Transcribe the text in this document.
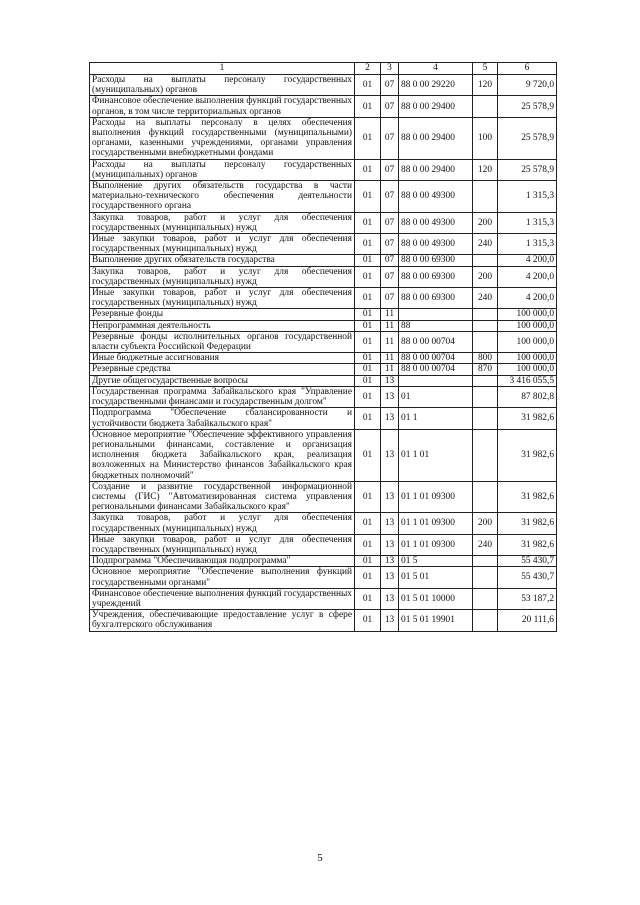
1	2	3	4	5	6
Расходы на выплаты персоналу государственных (муниципальных) органов	01	07	88 0 00 29220	120	9 720,0
Финансовое обеспечение выполнения функций государственных органов, в том числе территориальных органов	01	07	88 0 00 29400		25 578,9
Расходы на выплаты персоналу в целях обеспечения выполнения функций государственными (муниципальными) органами, казенными учреждениями, органами управления государственными внебюджетными фондами	01	07	88 0 00 29400	100	25 578,9
Расходы на выплаты персоналу государственных (муниципальных) органов	01	07	88 0 00 29400	120	25 578,9
Выполнение других обязательств государства в части материально-технического обеспечения деятельности государственного органа	01	07	88 0 00 49300		1 315,3
Закупка товаров, работ и услуг для обеспечения государственных (муниципальных) нужд	01	07	88 0 00 49300	200	1 315,3
Иные закупки товаров, работ и услуг для обеспечения государственных (муниципальных) нужд	01	07	88 0 00 49300	240	1 315,3
Выполнение других обязательств государства	01	07	88 0 00 69300		4 200,0
Закупка товаров, работ и услуг для обеспечения государственных (муниципальных) нужд	01	07	88 0 00 69300	200	4 200,0
Иные закупки товаров, работ и услуг для обеспечения государственных (муниципальных) нужд	01	07	88 0 00 69300	240	4 200,0
Резервные фонды	01	11			100 000,0
Непрограммная деятельность	01	11	88		100 000,0
Резервные фонды исполнительных органов государственной власти субъекта Российской Федерации	01	11	88 0 00 00704		100 000,0
Иные бюджетные ассигнования	01	11	88 0 00 00704	800	100 000,0
Резервные средства	01	11	88 0 00 00704	870	100 000,0
Другие общегосударственные вопросы	01	13			3 416 055,5
Государственная программа Забайкальского края "Управление государственными финансами и государственным долгом"	01	13	01		87 802,8
Подпрограмма "Обеспечение сбалансированности и устойчивости бюджета Забайкальского края"	01	13	01 1		31 982,6
Основное мероприятие "Обеспечение эффективного управления региональными финансами, составление и организация исполнения бюджета Забайкальского края, реализация возложенных на Министерство финансов Забайкальского края бюджетных полномочий"	01	13	01 1 01		31 982,6
Создание и развитие государственной информационной системы (ГИС) "Автоматизированная система управления региональными финансами Забайкальского края"	01	13	01 1 01 09300		31 982,6
Закупка товаров, работ и услуг для обеспечения государственных (муниципальных) нужд	01	13	01 1 01 09300	200	31 982,6
Иные закупки товаров, работ и услуг для обеспечения государственных (муниципальных) нужд	01	13	01 1 01 09300	240	31 982,6
Подпрограмма "Обеспечивающая подпрограмма"	01	13	01 5		55 430,7
Основное мероприятие "Обеспечение выполнения функций государственными органами"	01	13	01 5 01		55 430,7
Финансовое обеспечение выполнения функций государственных учреждений	01	13	01 5 01 10000		53 187,2
Учреждения, обеспечивающие предоставление услуг в сфере бухгалтерского обслуживания	01	13	01 5 01 19901		20 111,6
5
